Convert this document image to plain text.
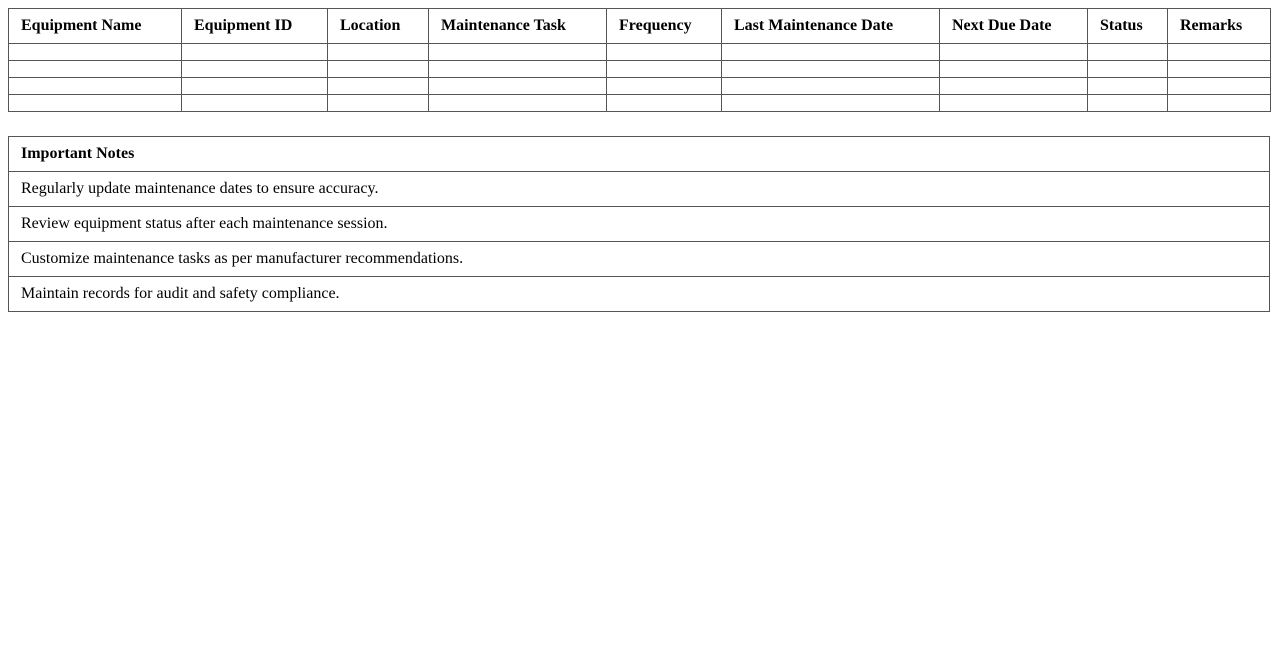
Equipment Name	Equipment ID	Location	Maintenance Task	Frequency	Last Maintenance Date	Next Due Date	Status	Remarks

Important Notes
Regularly update maintenance dates to ensure accuracy.
Review equipment status after each maintenance session.
Customize maintenance tasks as per manufacturer recommendations.
Maintain records for audit and safety compliance.
